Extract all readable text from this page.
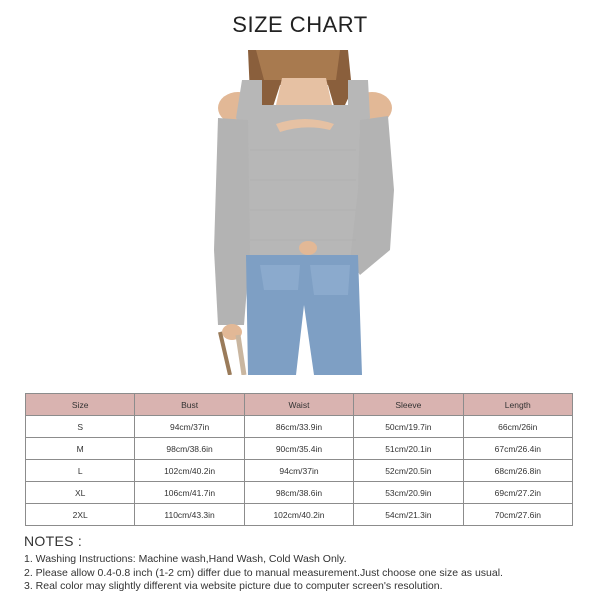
SIZE CHART
Size	Bust	Waist	Sleeve	Length
S	94cm/37in	86cm/33.9in	50cm/19.7in	66cm/26in
M	98cm/38.6in	90cm/35.4in	51cm/20.1in	67cm/26.4in
L	102cm/40.2in	94cm/37in	52cm/20.5in	68cm/26.8in
XL	106cm/41.7in	98cm/38.6in	53cm/20.9in	69cm/27.2in
2XL	110cm/43.3in	102cm/40.2in	54cm/21.3in	70cm/27.6in
NOTES :
1. Washing Instructions: Machine wash,Hand Wash, Cold Wash Only.
2. Please allow 0.4-0.8 inch (1-2 cm) differ due to manual measurement.Just choose one size as usual.
3. Real color may slightly different via website picture due to computer screen's resolution.
